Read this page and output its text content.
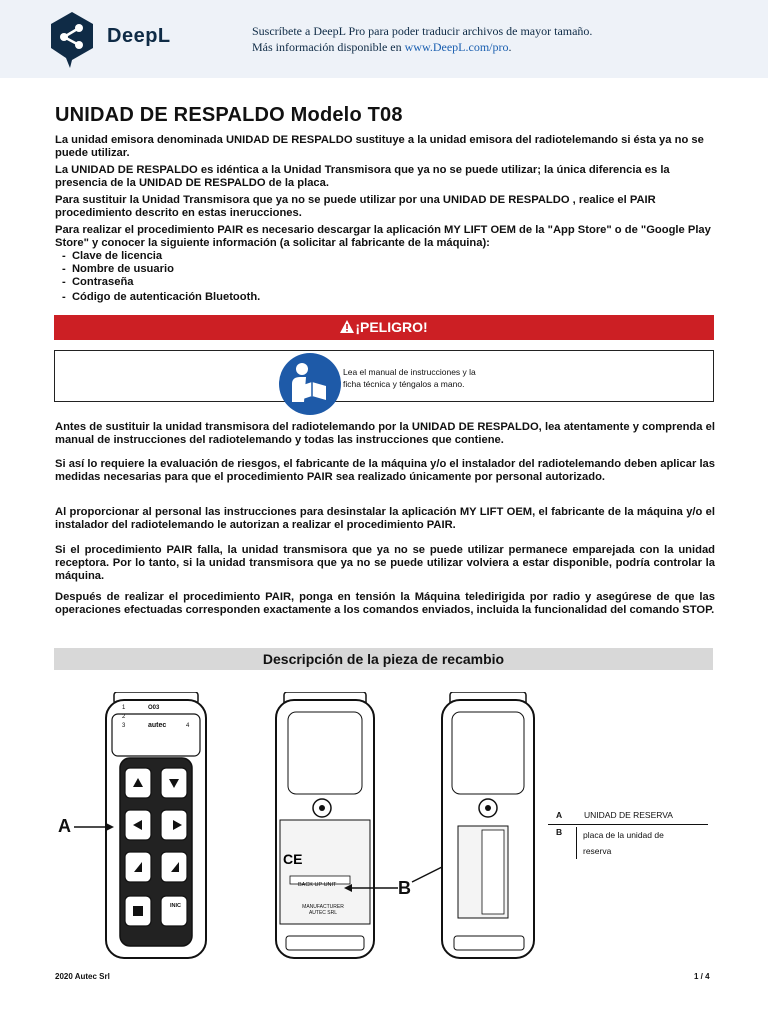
DeepL	Suscríbete a DeepL Pro para poder traducir archivos de mayor tamaño.
Más información disponible en www.DeepL.com/pro.
UNIDAD DE RESPALDO Modelo T08
La unidad emisora denominada UNIDAD DE RESPALDO sustituye a la unidad emisora del radiotelemando si ésta ya no se puede utilizar.
La UNIDAD DE RESPALDO es idéntica a la Unidad Transmisora que ya no se puede utilizar; la única diferencia es la presencia de la UNIDAD DE RESPALDO de la placa.
Para sustituir la Unidad Transmisora que ya no se puede utilizar por una UNIDAD DE RESPALDO , realice el PAIR procedimiento descrito en estas inerucciones.
Para realizar el procedimiento PAIR es necesario descargar la aplicación MY LIFT OEM de la "App Store" o de "Google Play Store" y conocer la siguiente información (a solicitar al fabricante de la máquina):
-  Clave de licencia
-  Nombre de usuario
-  Contraseña
-  Código de autenticación Bluetooth.
¡PELIGRO!
Lea el manual de instrucciones y la ficha técnica y téngalos a mano.
Antes de sustituir la unidad transmisora del radiotelemando por la UNIDAD DE RESPALDO, lea atentamente y comprenda el manual de instrucciones del radiotelemando y todas las instrucciones que contiene.
Si así lo requiere la evaluación de riesgos, el fabricante de la máquina y/o el instalador del radiotelemando deben aplicar las medidas necesarias para que el procedimiento PAIR sea realizado únicamente por personal autorizado.
Al proporcionar al personal las instrucciones para desinstalar la aplicación MY LIFT OEM, el fabricante de la máquina y/o el instalador del radiotelemando le autorizan a realizar el procedimiento PAIR.
Si el procedimiento PAIR falla, la unidad transmisora que ya no se puede utilizar permanece emparejada con la unidad receptora. Por lo tanto, si la unidad transmisora que ya no se puede utilizar volviera a estar disponible, podría controlar la máquina.
Después de realizar el procedimiento PAIR, ponga en tensión la Máquina teledirigida por radio y asegúrese de que las operaciones efectuadas corresponden exactamente a los comandos enviados, incluida la funcionalidad del comando STOP.
Descripción de la pieza de recambio
1
2
3	4
O03
autec
INIC
A
CE
BACK UP UNIT
MANUFACTURER AUTEC SRL
B
A	UNIDAD DE RESERVA
B	placa de la unidad de reserva
2020 Autec Srl	1 / 4
